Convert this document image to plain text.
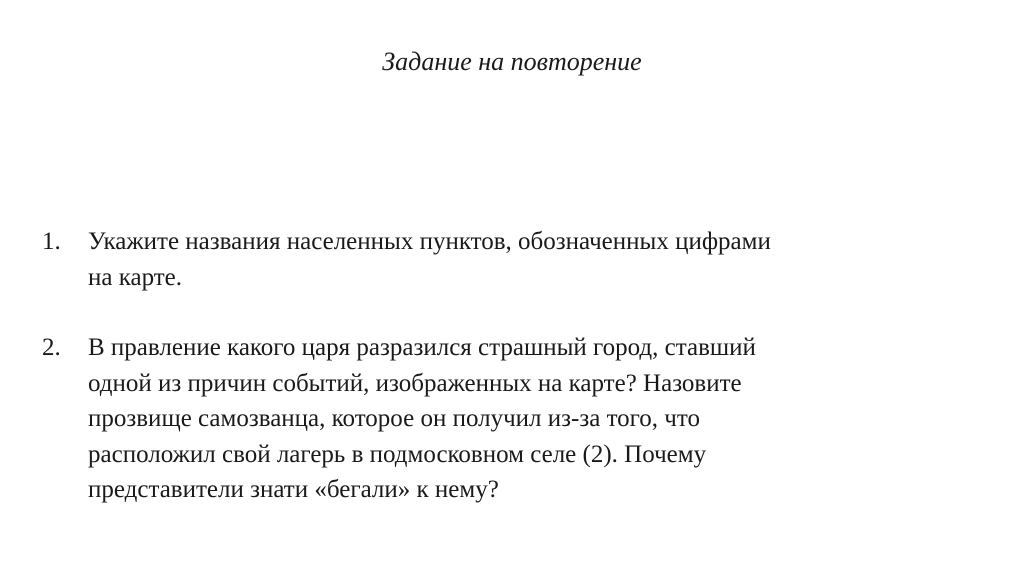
Задание на повторение
1. Укажите названия населенных пунктов, обозначенных цифрами
на карте.
2. В правление какого царя разразился страшный город, ставший
одной из причин событий, изображенных на карте? Назовите
прозвище самозванца, которое он получил из-за того, что
расположил свой лагерь в подмосковном селе (2). Почему
представители знати «бегали» к нему?
